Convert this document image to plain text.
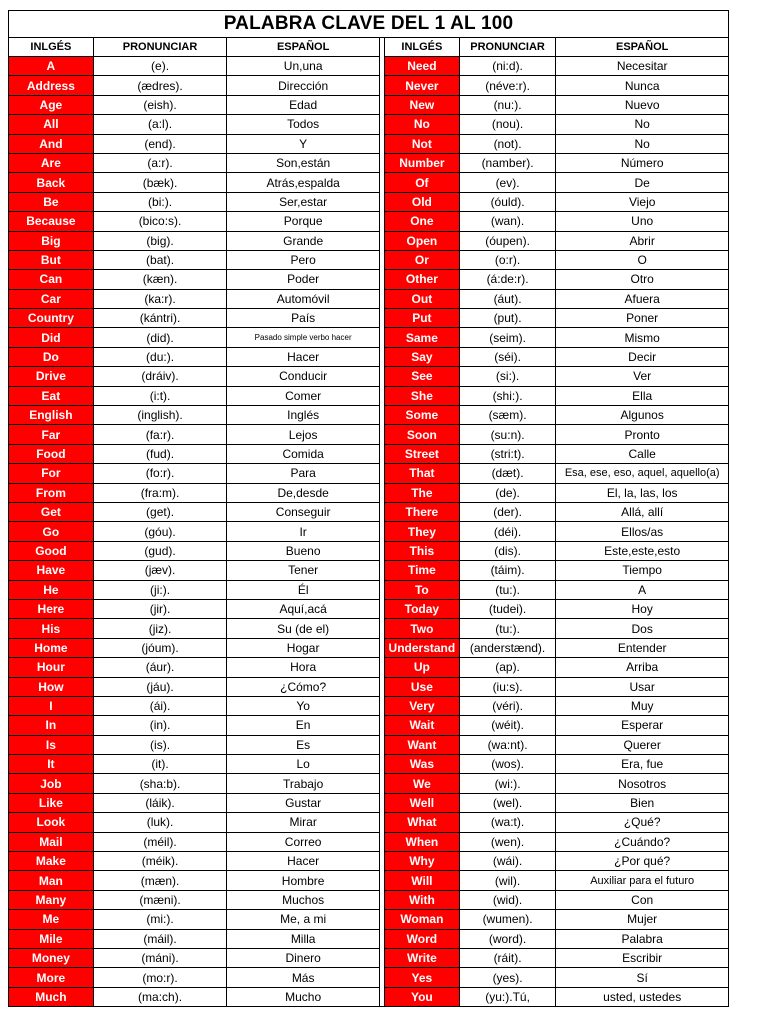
PALABRA CLAVE DEL 1 AL 100
INLGÉS	PRONUNCIAR	ESPAÑOL
A	(e).	Un,una
Address	(ædres).	Dirección
Age	(eish).	Edad
All	(a:l).	Todos
And	(end).	Y
Are	(a:r).	Son,están
Back	(bæk).	Atrás,espalda
Be	(bi:).	Ser,estar
Because	(bico:s).	Porque
Big	(big).	Grande
But	(bat).	Pero
Can	(kæn).	Poder
Car	(ka:r).	Automóvil
Country	(kántri).	País
Did	(did).	Pasado simple verbo hacer
Do	(du:).	Hacer
Drive	(dráiv).	Conducir
Eat	(i:t).	Comer
English	(inglish).	Inglés
Far	(fa:r).	Lejos
Food	(fud).	Comida
For	(fo:r).	Para
From	(fra:m).	De,desde
Get	(get).	Conseguir
Go	(góu).	Ir
Good	(gud).	Bueno
Have	(jæv).	Tener
He	(ji:).	Él
Here	(jir).	Aquí,acá
His	(jiz).	Su (de el)
Home	(jóum).	Hogar
Hour	(áur).	Hora
How	(jáu).	¿Cómo?
I	(ái).	Yo
In	(in).	En
Is	(is).	Es
It	(it).	Lo
Job	(sha:b).	Trabajo
Like	(láik).	Gustar
Look	(luk).	Mirar
Mail	(méil).	Correo
Make	(méik).	Hacer
Man	(mæn).	Hombre
Many	(mæni).	Muchos
Me	(mi:).	Me, a mi
Mile	(máil).	Milla
Money	(máni).	Dinero
More	(mo:r).	Más
Much	(ma:ch).	Mucho
INLGÉS	PRONUNCIAR	ESPAÑOL
Need	(ni:d).	Necesitar
Never	(néve:r).	Nunca
New	(nu:).	Nuevo
No	(nou).	No
Not	(not).	No
Number	(namber).	Número
Of	(ev).	De
Old	(óuld).	Viejo
One	(wan).	Uno
Open	(óupen).	Abrir
Or	(o:r).	O
Other	(á:de:r).	Otro
Out	(áut).	Afuera
Put	(put).	Poner
Same	(seim).	Mismo
Say	(séi).	Decir
See	(si:).	Ver
She	(shi:).	Ella
Some	(sæm).	Algunos
Soon	(su:n).	Pronto
Street	(stri:t).	Calle
That	(dæt).	Esa, ese, eso, aquel, aquello(a)
The	(de).	El, la, las, los
There	(der).	Allá, allí
They	(déi).	Ellos/as
This	(dis).	Este,este,esto
Time	(táim).	Tiempo
To	(tu:).	A
Today	(tudei).	Hoy
Two	(tu:).	Dos
Understand	(anderstænd).	Entender
Up	(ap).	Arriba
Use	(iu:s).	Usar
Very	(véri).	Muy
Wait	(wéit).	Esperar
Want	(wa:nt).	Querer
Was	(wos).	Era, fue
We	(wi:).	Nosotros
Well	(wel).	Bien
What	(wa:t).	¿Qué?
When	(wen).	¿Cuándo?
Why	(wái).	¿Por qué?
Will	(wil).	Auxiliar para el futuro
With	(wid).	Con
Woman	(wumen).	Mujer
Word	(word).	Palabra
Write	(ráit).	Escribir
Yes	(yes).	Sí
You	(yu:).Tú,	usted, ustedes
